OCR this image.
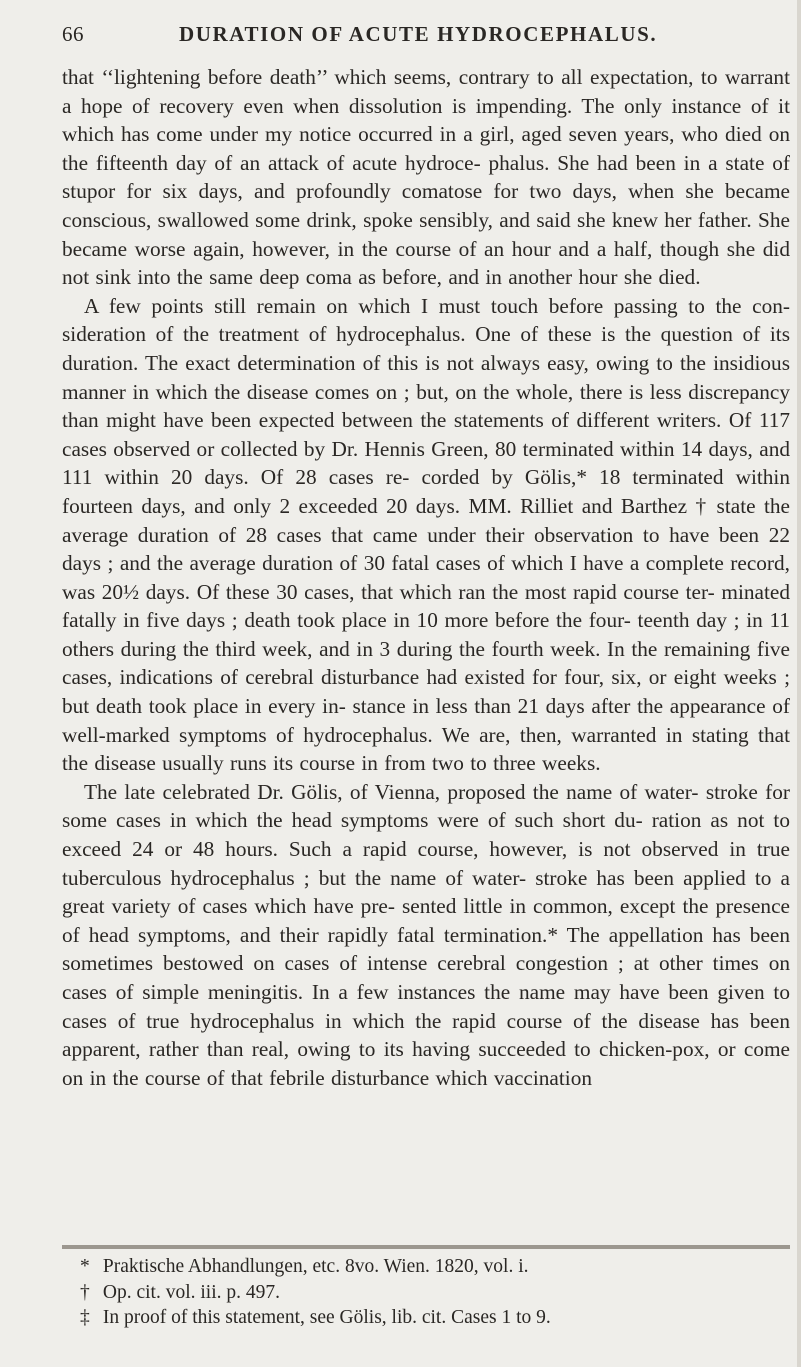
66	DURATION OF ACUTE HYDROCEPHALUS.

that ‘‘lightening before death’’ which seems, contrary to all expectation, to warrant a hope of recovery even when dissolution is impending. The only instance of it which has come under my notice occurred in a girl, aged seven years, who died on the fifteenth day of an attack of acute hydroce- phalus. She had been in a state of stupor for six days, and profoundly comatose for two days, when she became conscious, swallowed some drink, spoke sensibly, and said she knew her father. She became worse again, however, in the course of an hour and a half, though she did not sink into the same deep coma as before, and in another hour she died.

A few points still remain on which I must touch before passing to the con- sideration of the treatment of hydrocephalus. One of these is the question of its duration. The exact determination of this is not always easy, owing to the insidious manner in which the disease comes on ; but, on the whole, there is less discrepancy than might have been expected between the statements of different writers. Of 117 cases observed or collected by Dr. Hennis Green, 80 terminated within 14 days, and 111 within 20 days. Of 28 cases re- corded by Gölis,* 18 terminated within fourteen days, and only 2 exceeded 20 days. MM. Rilliet and Barthez † state the average duration of 28 cases that came under their observation to have been 22 days ; and the average duration of 30 fatal cases of which I have a complete record, was 20½ days. Of these 30 cases, that which ran the most rapid course ter- minated fatally in five days ; death took place in 10 more before the four- teenth day ; in 11 others during the third week, and in 3 during the fourth week. In the remaining five cases, indications of cerebral disturbance had existed for four, six, or eight weeks ; but death took place in every in- stance in less than 21 days after the appearance of well-marked symptoms of hydrocephalus. We are, then, warranted in stating that the disease usually runs its course in from two to three weeks.

The late celebrated Dr. Gölis, of Vienna, proposed the name of water- stroke for some cases in which the head symptoms were of such short du- ration as not to exceed 24 or 48 hours. Such a rapid course, however, is not observed in true tuberculous hydrocephalus ; but the name of water- stroke has been applied to a great variety of cases which have pre- sented little in common, except the presence of head symptoms, and their rapidly fatal termination.* The appellation has been sometimes bestowed on cases of intense cerebral congestion ; at other times on cases of simple meningitis. In a few instances the name may have been given to cases of true hydrocephalus in which the rapid course of the disease has been apparent, rather than real, owing to its having succeeded to chicken-pox, or come on in the course of that febrile disturbance which vaccination

* Praktische Abhandlungen, etc. 8vo. Wien. 1820, vol. i.

† Op. cit. vol. iii. p. 497.

‡ In proof of this statement, see Gölis, lib. cit. Cases 1 to 9.
